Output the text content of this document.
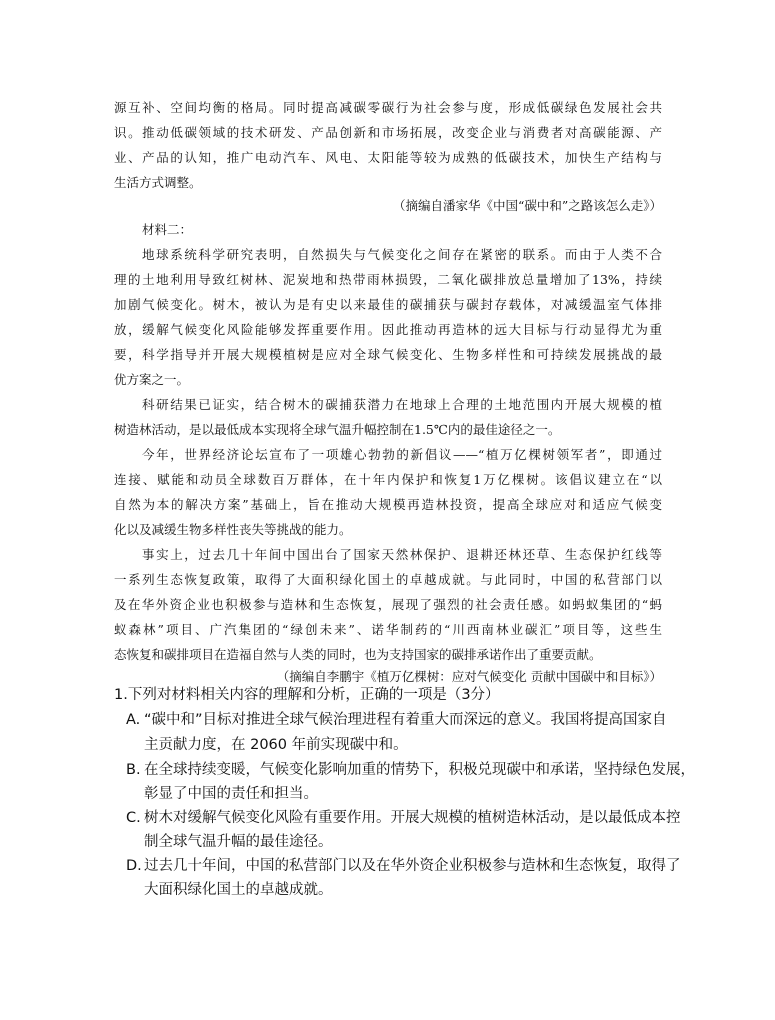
源互补、空间均衡的格局。同时提高减碳零碳行为社会参与度，形成低碳绿色发展社会共
识。推动低碳领域的技术研发、产品创新和市场拓展，改变企业与消费者对高碳能源、产
业、产品的认知，推广电动汽车、风电、太阳能等较为成熟的低碳技术，加快生产结构与
生活方式调整。
（摘编自潘家华《中国“碳中和”之路该怎么走》）
材料二：
地球系统科学研究表明，自然损失与气候变化之间存在紧密的联系。而由于人类不合
理的土地利用导致红树林、泥炭地和热带雨林损毁，二氧化碳排放总量增加了13%，持续
加剧气候变化。树木，被认为是有史以来最佳的碳捕获与碳封存载体，对减缓温室气体排
放，缓解气候变化风险能够发挥重要作用。因此推动再造林的远大目标与行动显得尤为重
要，科学指导并开展大规模植树是应对全球气候变化、生物多样性和可持续发展挑战的最
优方案之一。
科研结果已证实，结合树木的碳捕获潜力在地球上合理的土地范围内开展大规模的植
树造林活动，是以最低成本实现将全球气温升幅控制在1.5℃内的最佳途径之一。
今年，世界经济论坛宣布了一项雄心勃勃的新倡议——“植万亿棵树领军者”，即通过
连接、赋能和动员全球数百万群体，在十年内保护和恢复1万亿棵树。该倡议建立在“以
自然为本的解决方案”基础上，旨在推动大规模再造林投资，提高全球应对和适应气候变
化以及减缓生物多样性丧失等挑战的能力。
事实上，过去几十年间中国出台了国家天然林保护、退耕还林还草、生态保护红线等
一系列生态恢复政策，取得了大面积绿化国土的卓越成就。与此同时，中国的私营部门以
及在华外资企业也积极参与造林和生态恢复，展现了强烈的社会责任感。如蚂蚁集团的“蚂
蚁森林”项目、广汽集团的“绿创未来”、诺华制药的“川西南林业碳汇”项目等，这些生
态恢复和碳排项目在造福自然与人类的同时，也为支持国家的碳排承诺作出了重要贡献。
（摘编自李鹏宇《植万亿棵树：应对气候变化 贡献中国碳中和目标》）
1.下列对材料相关内容的理解和分析，正确的一项是（3分）
A. “碳中和”目标对推进全球气候治理进程有着重大而深远的意义。我国将提高国家自
主贡献力度，在 2060 年前实现碳中和。
B. 在全球持续变暖，气候变化影响加重的情势下，积极兑现碳中和承诺，坚持绿色发展，
彰显了中国的责任和担当。
C. 树木对缓解气候变化风险有重要作用。开展大规模的植树造林活动，是以最低成本控
制全球气温升幅的最佳途径。
D. 过去几十年间，中国的私营部门以及在华外资企业积极参与造林和生态恢复，取得了
大面积绿化国土的卓越成就。
